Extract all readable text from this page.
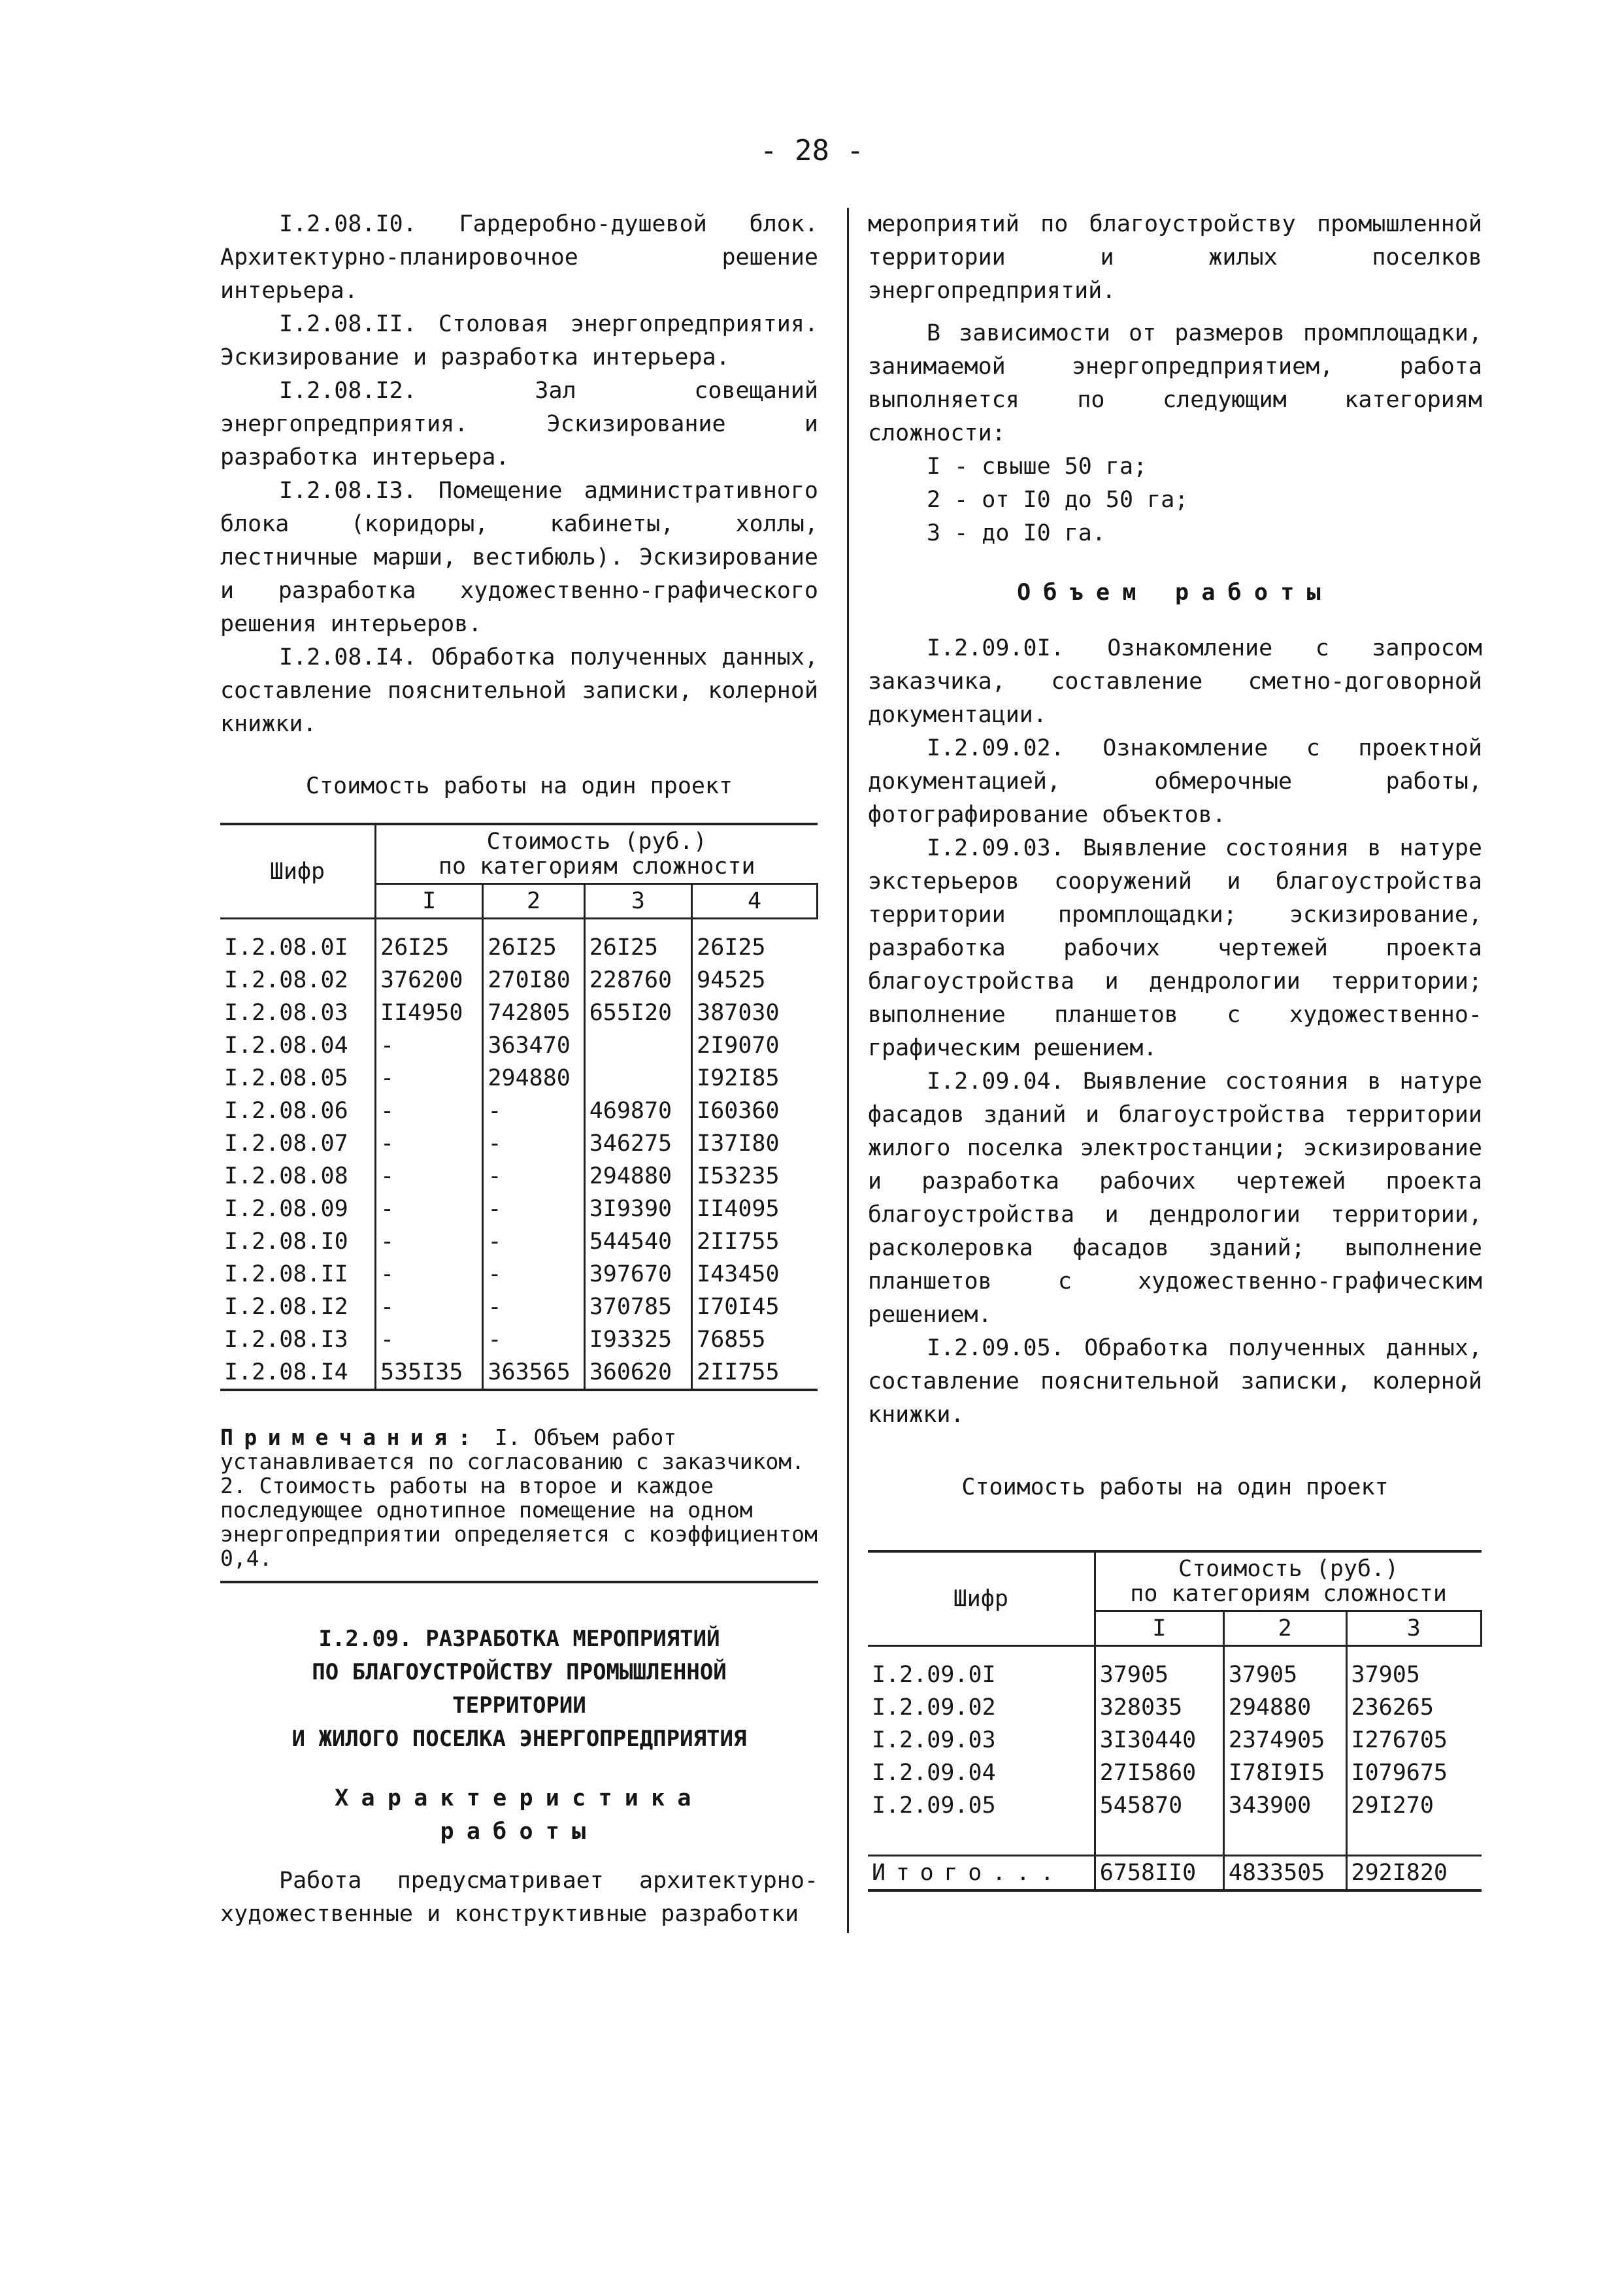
- 28 -

I.2.08.I0. Гардеробно-душевой блок. Архитектурно-планировочное решение интерьера.

I.2.08.II. Столовая энергопредприятия. Эскизирование и разработка интерьера.

I.2.08.I2. Зал совещаний энергопредприятия. Эскизирование и разработка интерьера.

I.2.08.I3. Помещение административного блока (коридоры, кабинеты, холлы, лестничные марши, вестибюль). Эскизирование и разработка художественно-графического решения интерьеров.

I.2.08.I4. Обработка полученных данных, составление пояснительной записки, колерной книжки.

Стоимость работы на один проект
Шифр	Стоимость (руб.)
по категориям сложности			

	I	2	3	4

I.2.08.0I	26I25	26I25	26I25	26I25
I.2.08.02	376200	270I80	228760	94525
I.2.08.03	II4950	742805	655I20	387030
I.2.08.04	-	363470		2I9070
I.2.08.05	-	294880		I92I85
I.2.08.06	-	-	469870	I60360
I.2.08.07	-	-	346275	I37I80
I.2.08.08	-	-	294880	I53235
I.2.08.09	-	-	3I9390	II4095
I.2.08.I0	-	-	544540	2II755
I.2.08.II	-	-	397670	I43450
I.2.08.I2	-	-	370785	I70I45
I.2.08.I3	-	-	I93325	76855
I.2.08.I4	535I35	363565	360620	2II755
Примечания: I. Объем работ устанавливается по согласованию с заказчиком. 2. Стоимость работы на второе и каждое последующее однотипное помещение на одном энергопредприятии определяется с коэффициентом 0,4.

I.2.09. РАЗРАБОТКА МЕРОПРИЯТИЙ

ПО БЛАГОУСТРОЙСТВУ ПРОМЫШЛЕННОЙ

ТЕРРИТОРИИ

И ЖИЛОГО ПОСЕЛКА ЭНЕРГОПРЕДПРИЯТИЯ

Характеристика

работы

Работа предусматривает архитектурно-художественные и конструктивные разработки

мероприятий по благоустройству промышленной территории и жилых поселков энергопредприятий.

В зависимости от размеров промплощадки, занимаемой энергопредприятием, работа выполняется по следующим категориям сложности:

I - свыше 50 га;

2 - от I0 до 50 га;

3 - до I0 га.

Объем работы

I.2.09.0I. Ознакомление с запросом заказчика, составление сметно-договорной документации.

I.2.09.02. Ознакомление с проектной документацией, обмерочные работы, фотографирование объектов.

I.2.09.03. Выявление состояния в натуре экстерьеров сооружений и благоустройства территории промплощадки; эскизирование, разработка рабочих чертежей проекта благоустройства и дендрологии территории; выполнение планшетов с художественно-графическим решением.

I.2.09.04. Выявление состояния в натуре фасадов зданий и благоустройства территории жилого поселка электростанции; эскизирование и разработка рабочих чертежей проекта благоустройства и дендрологии территории, расколеровка фасадов зданий; выполнение планшетов с художественно-графическим решением.

I.2.09.05. Обработка полученных данных, составление пояснительной записки, колерной книжки.

Стоимость работы на один проект
Шифр	Стоимость (руб.)
по категориям сложности		

	I	2	3

I.2.09.0I	37905	37905	37905
I.2.09.02	328035	294880	236265
I.2.09.03	3I30440	2374905	I276705
I.2.09.04	27I5860	I78I9I5	I079675
I.2.09.05	545870	343900	29I270

Итого...	6758II0	4833505	292I820
